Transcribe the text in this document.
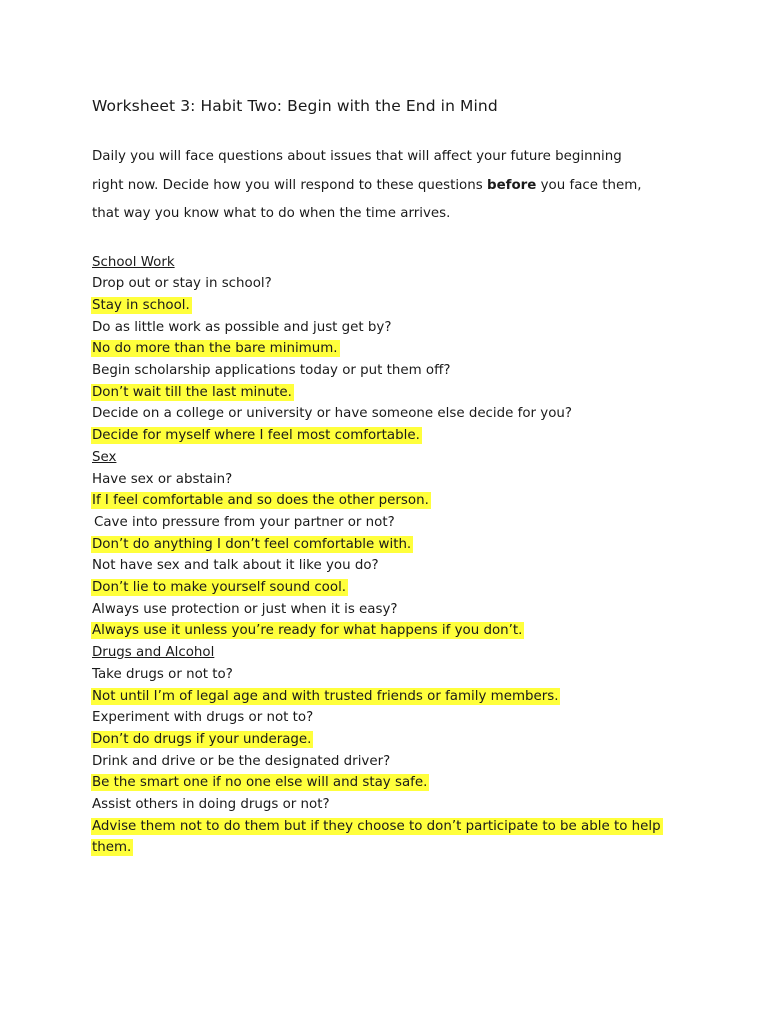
Worksheet 3: Habit Two: Begin with the End in Mind
Daily you will face questions about issues that will affect your future beginning
right now. Decide how you will respond to these questions before you face them,
that way you know what to do when the time arrives.
School Work
Drop out or stay in school?
Stay in school.
Do as little work as possible and just get by?
No do more than the bare minimum.
Begin scholarship applications today or put them off?
Don’t wait till the last minute.
Decide on a college or university or have someone else decide for you?
Decide for myself where I feel most comfortable.
Sex
Have sex or abstain?
If I feel comfortable and so does the other person.
Cave into pressure from your partner or not?
Don’t do anything I don’t feel comfortable with.
Not have sex and talk about it like you do?
Don’t lie to make yourself sound cool.
Always use protection or just when it is easy?
Always use it unless you’re ready for what happens if you don’t.
Drugs and Alcohol
Take drugs or not to?
Not until I’m of legal age and with trusted friends or family members.
Experiment with drugs or not to?
Don’t do drugs if your underage.
Drink and drive or be the designated driver?
Be the smart one if no one else will and stay safe.
Assist others in doing drugs or not?
Advise them not to do them but if they choose to don’t participate to be able to help them.
